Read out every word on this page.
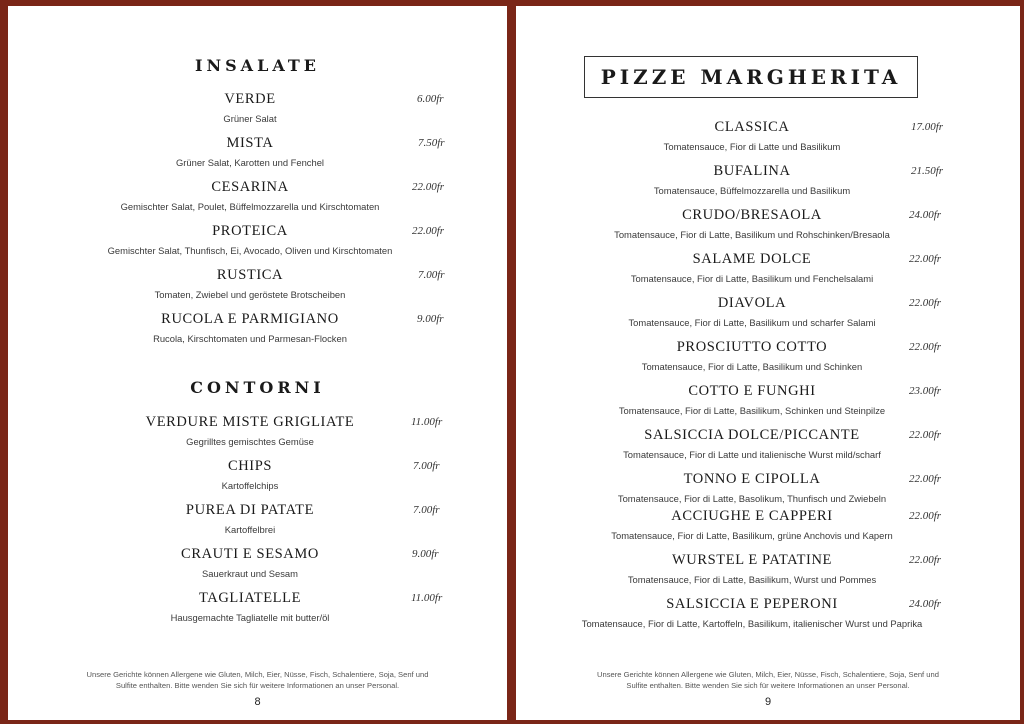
INSALATE
VERDE
Grüner Salat
6.00fr
MISTA
Grüner Salat, Karotten und Fenchel
7.50fr
CESARINA
Gemischter Salat, Poulet, Büffelmozzarella und Kirschtomaten
22.00fr
PROTEICA
Gemischter Salat, Thunfisch, Ei, Avocado, Oliven und Kirschtomaten
22.00fr
RUSTICA
Tomaten, Zwiebel und geröstete Brotscheiben
7.00fr
RUCOLA E PARMIGIANO
Rucola, Kirschtomaten und Parmesan-Flocken
9.00fr
CONTORNI
VERDURE MISTE GRIGLIATE
Gegrilltes gemischtes Gemüse
11.00fr
CHIPS
Kartoffelchips
7.00fr
PUREA DI PATATE
Kartoffelbrei
7.00fr
CRAUTI E SESAMO
Sauerkraut und Sesam
9.00fr
TAGLIATELLE
Hausgemachte Tagliatelle mit butter/öl
11.00fr
Unsere Gerichte können Allergene wie Gluten, Milch, Eier, Nüsse, Fisch, Schalentiere, Soja, Senf und
Sulfite enthalten. Bitte wenden Sie sich für weitere Informationen an unser Personal.
8
PIZZE MARGHERITA
CLASSICA
Tomatensauce, Fior di Latte und Basilikum
17.00fr
BUFALINA
Tomatensauce, Büffelmozzarella und Basilikum
21.50fr
CRUDO/BRESAOLA
Tomatensauce, Fior di Latte, Basilikum und Rohschinken/Bresaola
24.00fr
SALAME DOLCE
Tomatensauce, Fior di Latte, Basilikum und Fenchelsalami
22.00fr
DIAVOLA
Tomatensauce, Fior di Latte, Basilikum und scharfer Salami
22.00fr
PROSCIUTTO COTTO
Tomatensauce, Fior di Latte, Basilikum und Schinken
22.00fr
COTTO E FUNGHI
Tomatensauce, Fior di Latte, Basilikum, Schinken und Steinpilze
23.00fr
SALSICCIA DOLCE/PICCANTE
Tomatensauce, Fior di Latte und italienische Wurst mild/scharf
22.00fr
TONNO E CIPOLLA
Tomatensauce, Fior di Latte, Basolikum, Thunfisch und Zwiebeln
22.00fr
ACCIUGHE E CAPPERI
Tomatensauce, Fior di Latte, Basilikum, grüne Anchovis und Kapern
22.00fr
WURSTEL E PATATINE
Tomatensauce, Fior di Latte, Basilikum, Wurst und Pommes
22.00fr
SALSICCIA E PEPERONI
Tomatensauce, Fior di Latte, Kartoffeln, Basilikum, italienischer Wurst und Paprika
24.00fr
Unsere Gerichte können Allergene wie Gluten, Milch, Eier, Nüsse, Fisch, Schalentiere, Soja, Senf und
Sulfite enthalten. Bitte wenden Sie sich für weitere Informationen an unser Personal.
9
